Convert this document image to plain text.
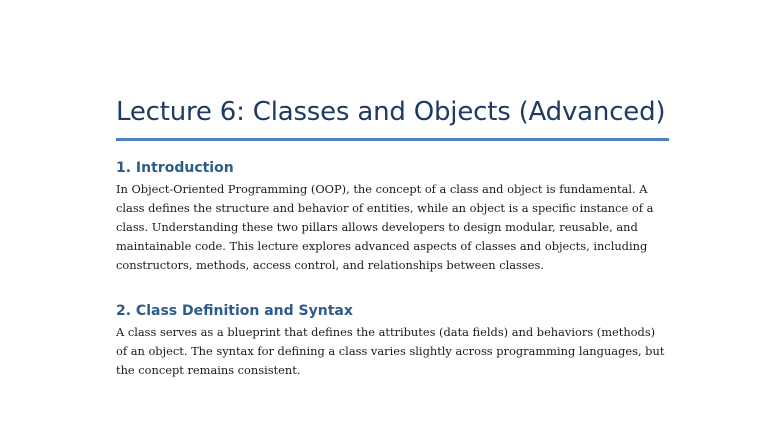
Lecture 6: Classes and Objects (Advanced)
1. Introduction

In Object-Oriented Programming (OOP), the concept of a class and object is fundamental. A class defines the structure and behavior of entities, while an object is a specific instance of a class. Understanding these two pillars allows developers to design modular, reusable, and maintainable code. This lecture explores advanced aspects of classes and objects, including constructors, methods, access control, and relationships between classes.

2. Class Definition and Syntax

A class serves as a blueprint that defines the attributes (data fields) and behaviors (methods) of an object. The syntax for defining a class varies slightly across programming languages, but the concept remains consistent.
